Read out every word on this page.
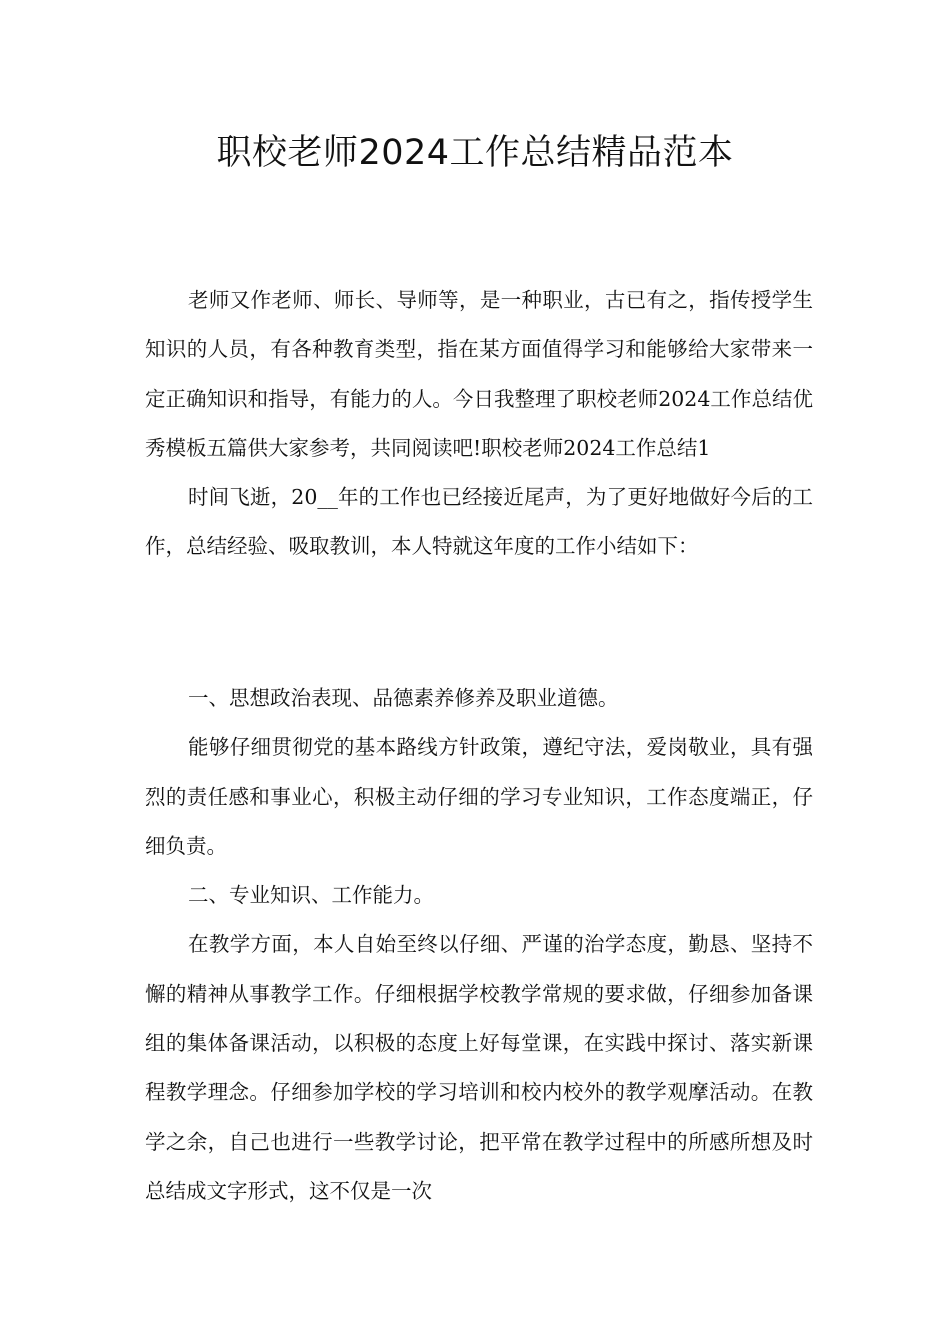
职校老师2024工作总结精品范本

老师又作老师、师长、导师等，是一种职业，古已有之，指传授学生知识的人员，有各种教育类型，指在某方面值得学习和能够给大家带来一定正确知识和指导，有能力的人。今日我整理了职校老师2024工作总结优秀模板五篇供大家参考，共同阅读吧!职校老师2024工作总结1

时间飞逝，20__年的工作也已经接近尾声，为了更好地做好今后的工作，总结经验、吸取教训，本人特就这年度的工作小结如下：

一、思想政治表现、品德素养修养及职业道德。

能够仔细贯彻党的基本路线方针政策，遵纪守法，爱岗敬业，具有强烈的责任感和事业心，积极主动仔细的学习专业知识，工作态度端正，仔细负责。

二、专业知识、工作能力。

在教学方面，本人自始至终以仔细、严谨的治学态度，勤恳、坚持不懈的精神从事教学工作。仔细根据学校教学常规的要求做，仔细参加备课组的集体备课活动，以积极的态度上好每堂课，在实践中探讨、落实新课程教学理念。仔细参加学校的学习培训和校内校外的教学观摩活动。在教学之余，自己也进行一些教学讨论，把平常在教学过程中的所感所想及时总结成文字形式，这不仅是一次
